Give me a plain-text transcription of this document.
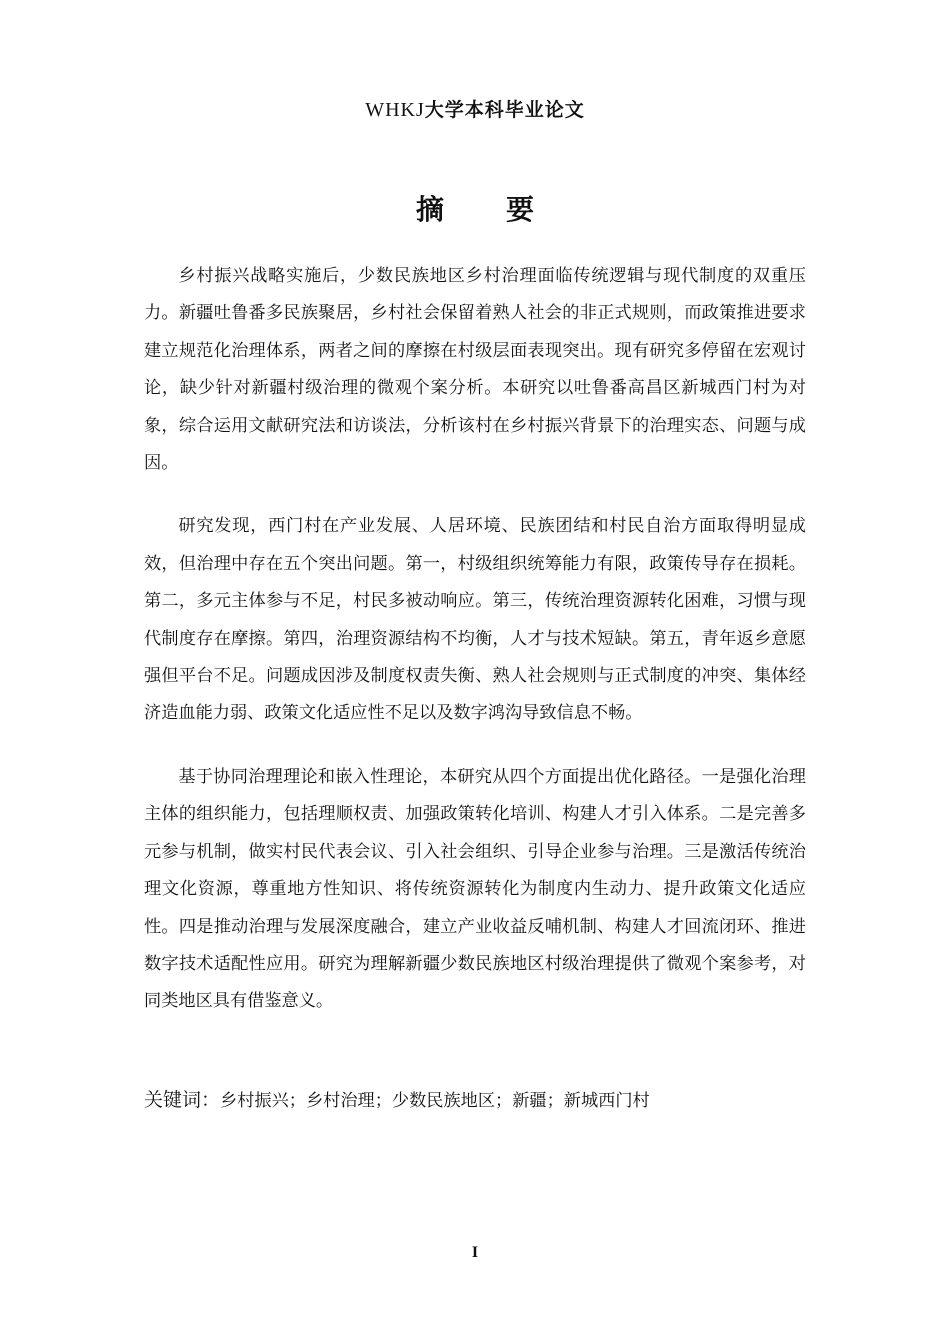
WHKJ大学本科毕业论文
摘要

乡村振兴战略实施后，少数民族地区乡村治理面临传统逻辑与现代制度的双重压力。新疆吐鲁番多民族聚居，乡村社会保留着熟人社会的非正式规则，而政策推进要求建立规范化治理体系，两者之间的摩擦在村级层面表现突出。现有研究多停留在宏观讨论，缺少针对新疆村级治理的微观个案分析。本研究以吐鲁番高昌区新城西门村为对象，综合运用文献研究法和访谈法，分析该村在乡村振兴背景下的治理实态、问题与成因。

研究发现，西门村在产业发展、人居环境、民族团结和村民自治方面取得明显成效，但治理中存在五个突出问题。第一，村级组织统筹能力有限，政策传导存在损耗。第二，多元主体参与不足，村民多被动响应。第三，传统治理资源转化困难，习惯与现代制度存在摩擦。第四，治理资源结构不均衡，人才与技术短缺。第五，青年返乡意愿强但平台不足。问题成因涉及制度权责失衡、熟人社会规则与正式制度的冲突、集体经济造血能力弱、政策文化适应性不足以及数字鸿沟导致信息不畅。

基于协同治理理论和嵌入性理论，本研究从四个方面提出优化路径。一是强化治理主体的组织能力，包括理顺权责、加强政策转化培训、构建人才引入体系。二是完善多元参与机制，做实村民代表会议、引入社会组织、引导企业参与治理。三是激活传统治理文化资源，尊重地方性知识、将传统资源转化为制度内生动力、提升政策文化适应性。四是推动治理与发展深度融合，建立产业收益反哺机制、构建人才回流闭环、推进数字技术适配性应用。研究为理解新疆少数民族地区村级治理提供了微观个案参考，对同类地区具有借鉴意义。

关键词：乡村振兴；乡村治理；少数民族地区；新疆；新城西门村
I
